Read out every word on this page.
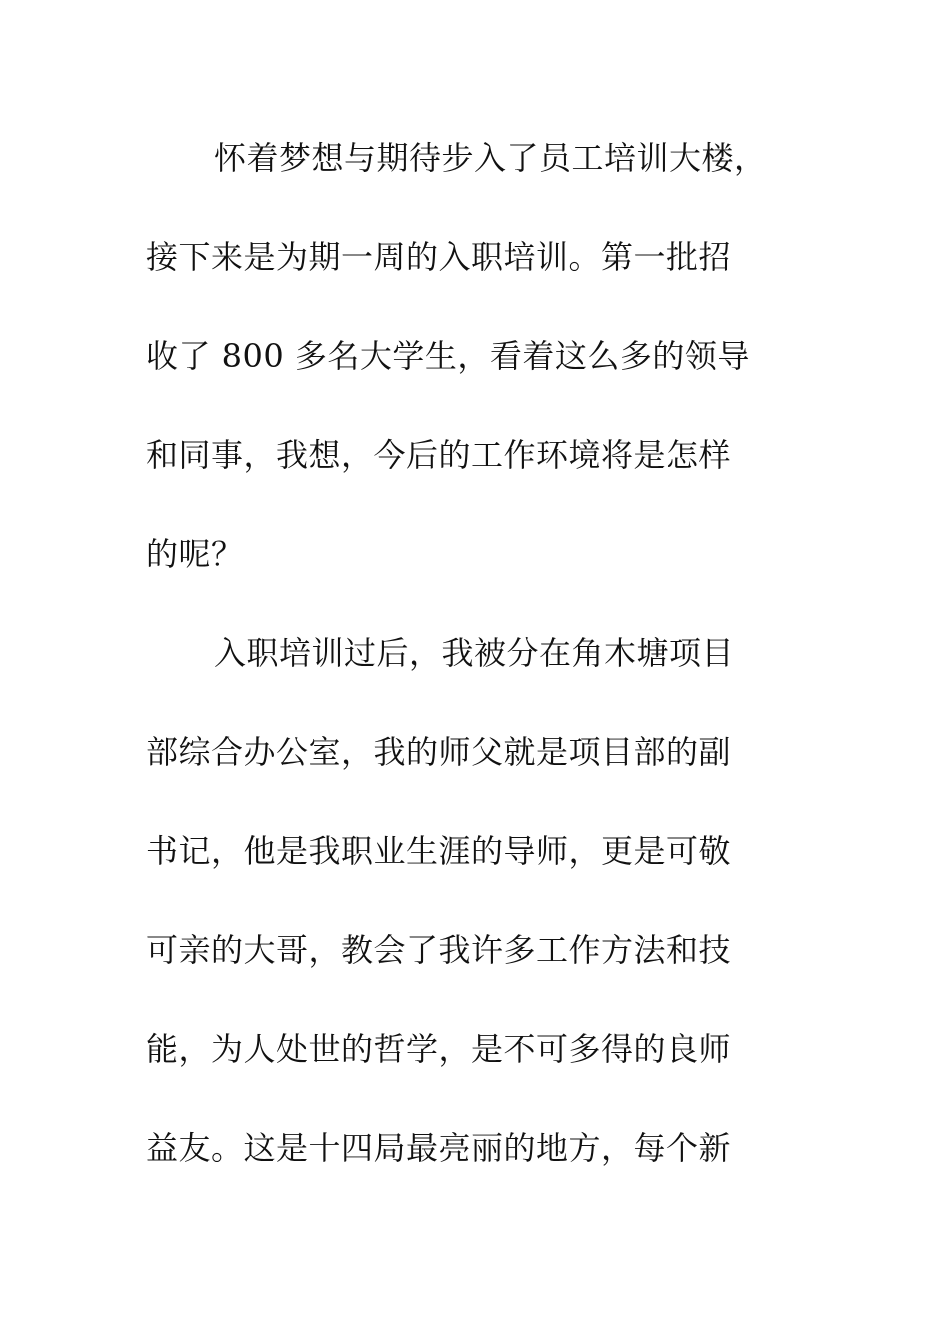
怀着梦想与期待步入了员工培训大楼，
接下来是为期一周的入职培训。第一批招
收了 800 多名大学生，看着这么多的领导
和同事，我想，今后的工作环境将是怎样
的呢？
入职培训过后，我被分在角木塘项目
部综合办公室，我的师父就是项目部的副
书记，他是我职业生涯的导师，更是可敬
可亲的大哥，教会了我许多工作方法和技
能，为人处世的哲学，是不可多得的良师
益友。这是十四局最亮丽的地方，每个新
